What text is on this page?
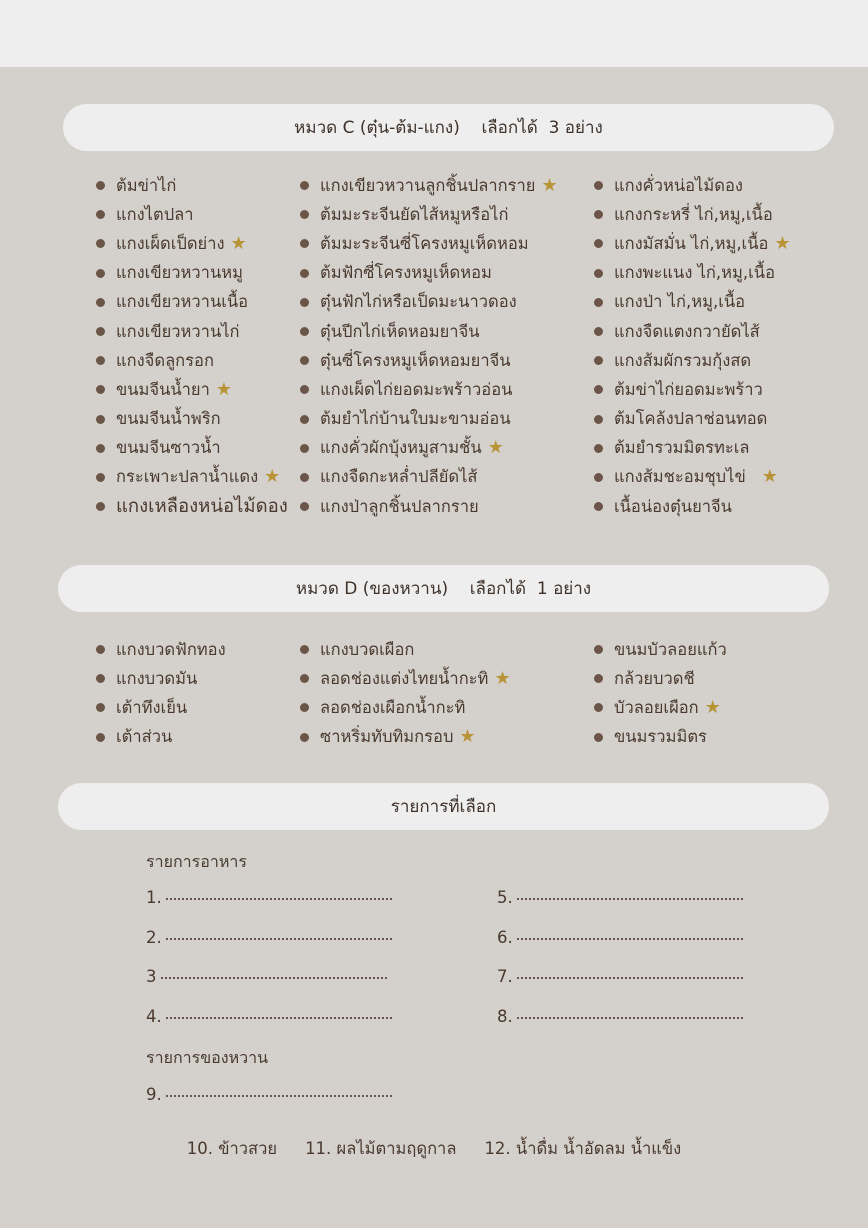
หมวด C (ตุ๋น-ต้ม-แกง)    เลือกได้  3 อย่าง
ต้มข่าไก่
แกงไตปลา
แกงเผ็ดเป็ดย่าง ★
แกงเขียวหวานหมู
แกงเขียวหวานเนื้อ
แกงเขียวหวานไก่
แกงจืดลูกรอก
ขนมจีนน้ำยา ★
ขนมจีนน้ำพริก
ขนมจีนซาวน้ำ
กระเพาะปลาน้ำแดง ★
แกงเหลืองหน่อไม้ดอง
แกงเขียวหวานลูกชิ้นปลากราย ★
ต้มมะระจีนยัดไส้หมูหรือไก่
ต้มมะระจีนซี่โครงหมูเห็ดหอม
ต้มฟักซี่โครงหมูเห็ดหอม
ตุ๋นฟักไก่หรือเป็ดมะนาวดอง
ตุ๋นปีกไก่เห็ดหอมยาจีน
ตุ๋นซี่โครงหมูเห็ดหอมยาจีน
แกงเผ็ดไก่ยอดมะพร้าวอ่อน
ต้มยำไก่บ้านใบมะขามอ่อน
แกงคั่วผักบุ้งหมูสามชั้น ★
แกงจืดกะหล่ำปลียัดไส้
แกงป่าลูกชิ้นปลากราย
แกงคั่วหน่อไม้ดอง
แกงกระหรี่ ไก่,หมู,เนื้อ
แกงมัสมั่น ไก่,หมู,เนื้อ ★
แกงพะแนง ไก่,หมู,เนื้อ
แกงป่า ไก่,หมู,เนื้อ
แกงจืดแตงกวายัดไส้
แกงส้มผักรวมกุ้งสด
ต้มข่าไก่ยอดมะพร้าว
ต้มโคล้งปลาช่อนทอด
ต้มยำรวมมิตรทะเล
แกงส้มชะอมชุบไข่ ★
เนื้อน่องตุ๋นยาจีน
หมวด D (ของหวาน)    เลือกได้  1 อย่าง
แกงบวดฟักทอง
แกงบวดมัน
เต้าทึงเย็น
เต้าส่วน
แกงบวดเผือก
ลอดช่องแต่งไทยน้ำกะทิ ★
ลอดช่องเผือกน้ำกะทิ
ซาหริ่มทับทิมกรอบ ★
ขนมบัวลอยแก้ว
กล้วยบวดชี
บัวลอยเผือก ★
ขนมรวมมิตร
รายการที่เลือก
รายการอาหาร
1.
2.
3
4.
5.
6.
7.
8.
รายการของหวาน
9.
10. ข้าวสวย 11. ผลไม้ตามฤดูกาล 12. น้ำดื่ม น้ำอัดลม น้ำแข็ง
